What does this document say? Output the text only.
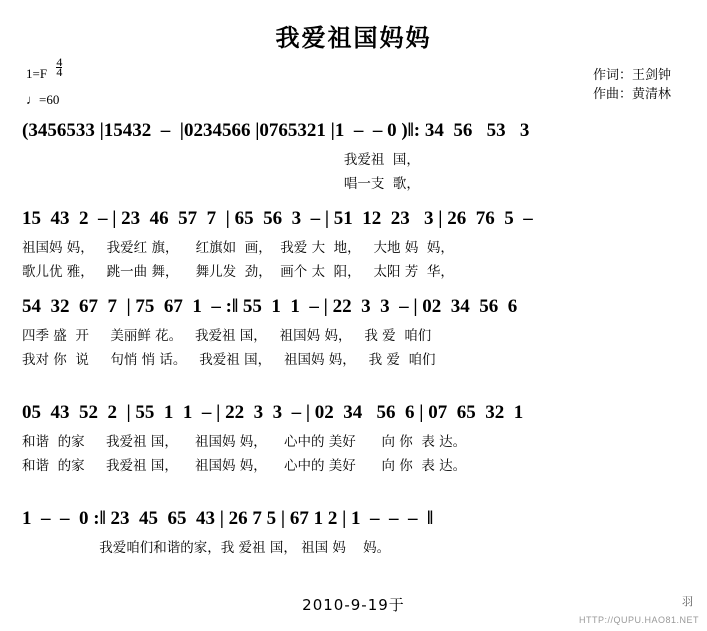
我爱祖国妈妈
$1=F \frac{4}{4}$
♩=60
作词：王剑钟
作曲：黄清林
(3456533 |15432  –  |0234566 |0765321 |1  –  – 0 )‖: 34  56   53   3
我爱祖  国，
唱一支  歌，
15  43  2  – | 23  46  57  7  | 65  56  3  – | 51  12  23   3 | 26  76  5  –
祖国妈 妈，   我爱红 旗，    红旗如  画，  我爱 大  地，   大地 妈  妈，
歌儿优 雅，   跳一曲 舞，    舞儿发  劲，  画个 太  阳，   太阳 芳  华，
54  32  67  7  | 75  67  1  – :‖ 55  1  1  – | 22  3  3  – | 02  34  56  6
四季 盛  开     美丽鲜 花。   我爱祖 国，   祖国妈 妈，   我 爱  咱们
我对 你  说     句悄 悄 话。   我爱祖 国，   祖国妈 妈，   我 爱  咱们
05  43  52  2  | 55  1  1  – | 22  3  3  – | 02  34   56  6 | 07  65  32  1
和谐  的家     我爱祖 国，    祖国妈 妈，    心中的 美好      向 你  表 达。
和谐  的家     我爱祖 国，    祖国妈 妈，    心中的 美好      向 你  表 达。
1  –  –  0 :‖ 23  45  65  43 | 26 7 5 | 67 1 2 | 1  –  –  –  ‖
我爱咱们和谐的家，我 爱祖 国， 祖国 妈    妈。
2010-9-19于	羽
HTTP://QUPU.HAO81.NET
